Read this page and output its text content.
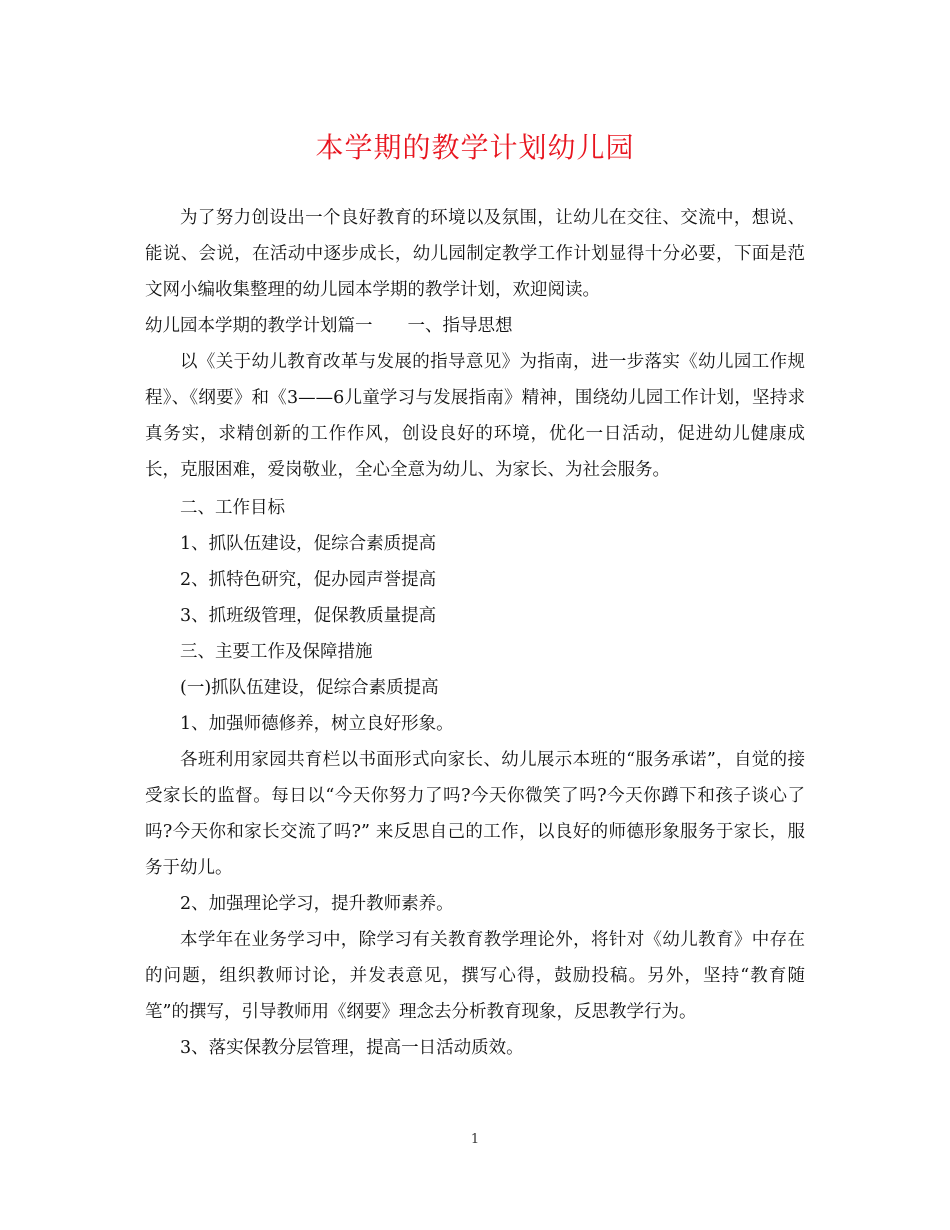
本学期的教学计划幼儿园

为了努力创设出一个良好教育的环境以及氛围，让幼儿在交往、交流中，想说、能说、会说，在活动中逐步成长，幼儿园制定教学工作计划显得十分必要，下面是范文网小编收集整理的幼儿园本学期的教学计划，欢迎阅读。

幼儿园本学期的教学计划篇一　　一、指导思想

以《关于幼儿教育改革与发展的指导意见》为指南，进一步落实《幼儿园工作规程》、《纲要》和《3——6儿童学习与发展指南》精神，围绕幼儿园工作计划，坚持求真务实，求精创新的工作作风，创设良好的环境，优化一日活动，促进幼儿健康成长，克服困难，爱岗敬业，全心全意为幼儿、为家长、为社会服务。

二、工作目标

1、抓队伍建设，促综合素质提高

2、抓特色研究，促办园声誉提高

3、抓班级管理，促保教质量提高

三、主要工作及保障措施

(一)抓队伍建设，促综合素质提高

1、加强师德修养，树立良好形象。

各班利用家园共育栏以书面形式向家长、幼儿展示本班的“服务承诺”，自觉的接受家长的监督。每日以“今天你努力了吗?今天你微笑了吗?今天你蹲下和孩子谈心了吗?今天你和家长交流了吗?” 来反思自己的工作，以良好的师德形象服务于家长，服务于幼儿。

2、加强理论学习，提升教师素养。

本学年在业务学习中，除学习有关教育教学理论外，将针对《幼儿教育》中存在的问题，组织教师讨论，并发表意见，撰写心得，鼓励投稿。另外，坚持“教育随笔”的撰写，引导教师用《纲要》理念去分析教育现象，反思教学行为。

3、落实保教分层管理，提高一日活动质效。

1
